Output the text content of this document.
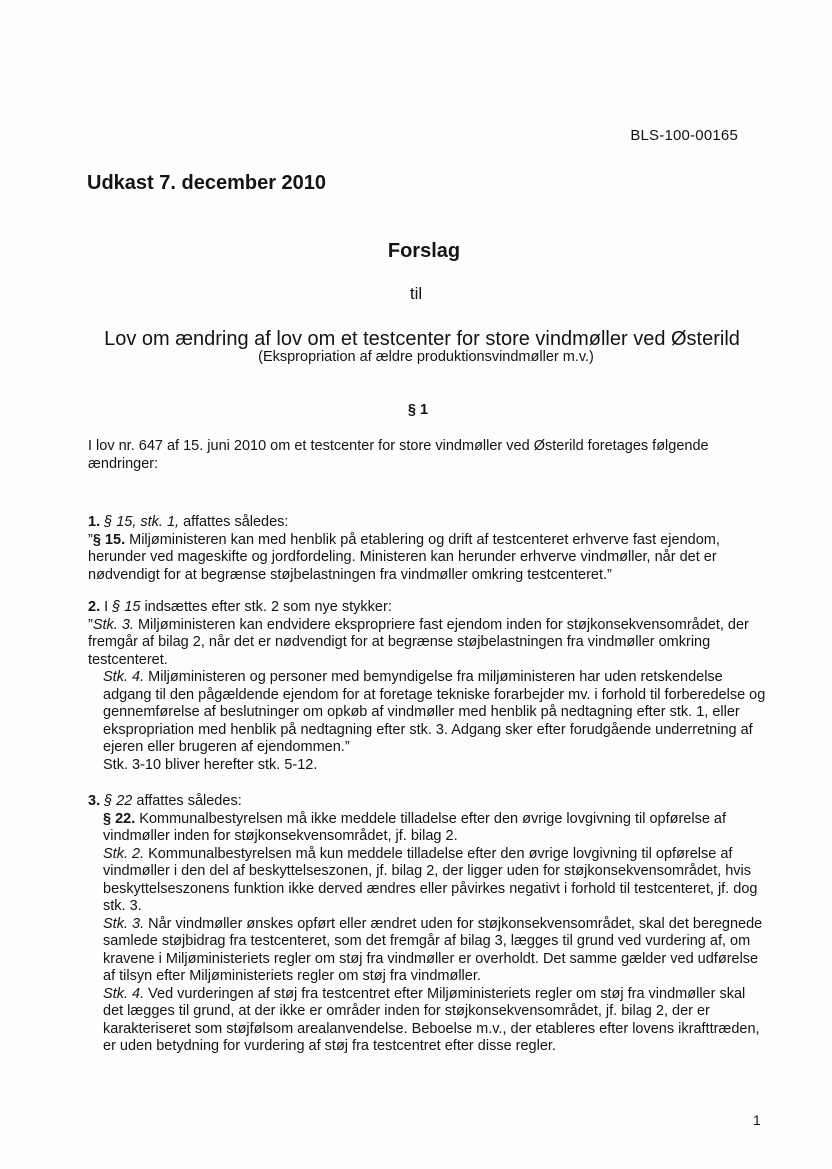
BLS-100-00165
Udkast 7. december 2010
Forslag
til
Lov om ændring af lov om et testcenter for store vindmøller ved Østerild
(Ekspropriation af ældre produktionsvindmøller m.v.)
§ 1
I lov nr. 647 af 15. juni 2010 om et testcenter for store vindmøller ved Østerild foretages følgende ændringer:

1. § 15, stk. 1, affattes således:

”§ 15. Miljøministeren kan med henblik på etablering og drift af testcenteret erhverve fast ejendom, herunder ved mageskifte og jordfordeling. Ministeren kan herunder erhverve vindmøller, når det er nødvendigt for at begrænse støjbelastningen fra vindmøller omkring testcenteret.”

2. I § 15 indsættes efter stk. 2 som nye stykker:

”Stk. 3. Miljøministeren kan endvidere ekspropriere fast ejendom inden for støjkonsekvensområdet, der fremgår af bilag 2, når det er nødvendigt for at begrænse støjbelastningen fra vindmøller omkring testcenteret.

Stk. 4. Miljøministeren og personer med bemyndigelse fra miljøministeren har uden retskendelse adgang til den pågældende ejendom for at foretage tekniske forarbejder mv. i forhold til forberedelse og gennemførelse af beslutninger om opkøb af vindmøller med henblik på nedtagning efter stk. 1, eller ekspropriation med henblik på nedtagning efter stk. 3. Adgang sker efter forudgående underretning af ejeren eller brugeren af ejendommen.”

Stk. 3-10 bliver herefter stk. 5-12.

3. § 22 affattes således:

§ 22. Kommunalbestyrelsen må ikke meddele tilladelse efter den øvrige lovgivning til opførelse af vindmøller inden for støjkonsekvensområdet, jf. bilag 2.

Stk. 2. Kommunalbestyrelsen må kun meddele tilladelse efter den øvrige lovgivning til opførelse af vindmøller i den del af beskyttelseszonen, jf. bilag 2, der ligger uden for støjkonsekvensområdet, hvis beskyttelseszonens funktion ikke derved ændres eller påvirkes negativt i forhold til testcenteret, jf. dog stk. 3.

Stk. 3. Når vindmøller ønskes opført eller ændret uden for støjkonsekvensområdet, skal det beregnede samlede støjbidrag fra testcenteret, som det fremgår af bilag 3, lægges til grund ved vurdering af, om kravene i Miljøministeriets regler om støj fra vindmøller er overholdt. Det samme gælder ved udførelse af tilsyn efter Miljøministeriets regler om støj fra vindmøller.

Stk. 4. Ved vurderingen af støj fra testcentret efter Miljøministeriets regler om støj fra vindmøller skal det lægges til grund, at der ikke er områder inden for støjkonsekvensområdet, jf. bilag 2, der er karakteriseret som støjfølsom arealanvendelse. Beboelse m.v., der etableres efter lovens ikrafttræden, er uden betydning for vurdering af støj fra testcentret efter disse regler.

1
